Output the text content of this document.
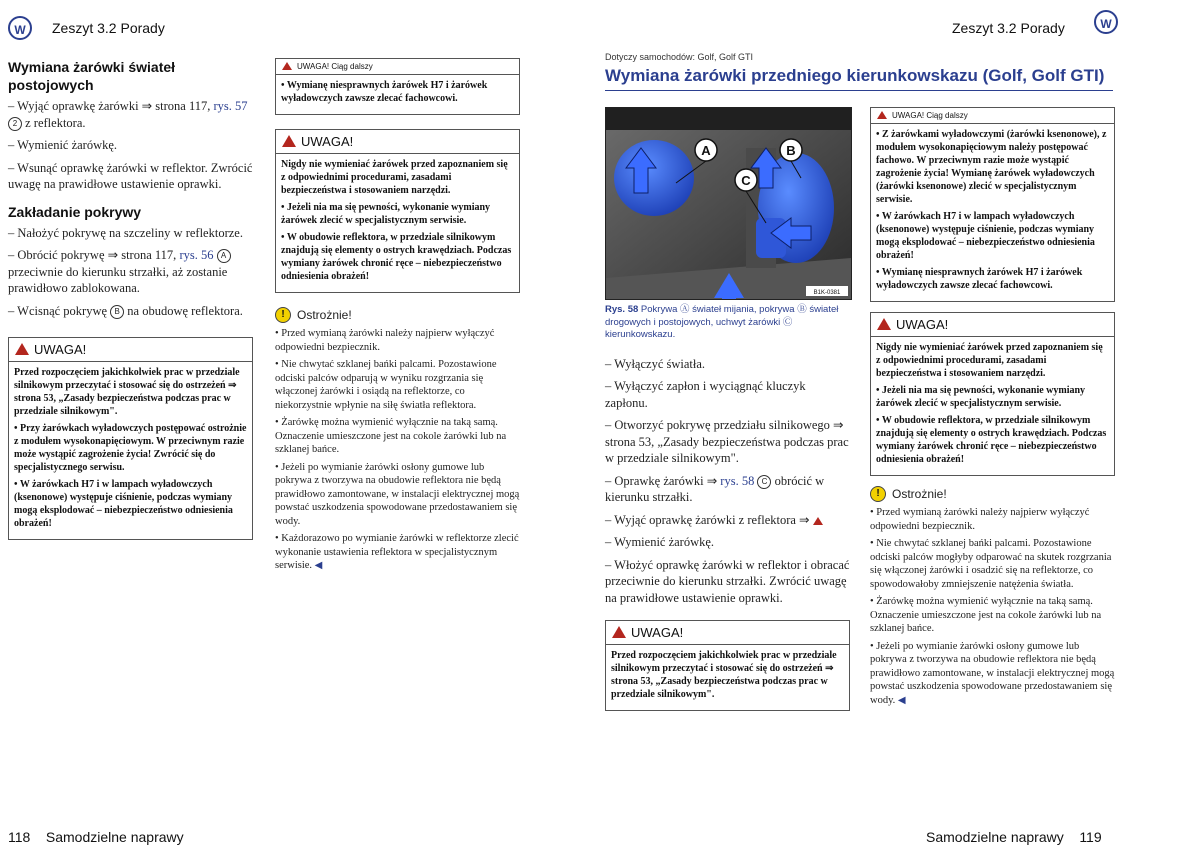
W	Zeszyt 3.2 Porady
Wymiana żarówki świateł postojowych

– Wyjąć oprawkę żarówki ⇒ strona 117, rys. 57 2 z reflektora.

– Wymienić żarówkę.

– Wsunąć oprawkę żarówki w reflektor. Zwrócić uwagę na prawidłowe ustawienie oprawki.

Zakładanie pokrywy

– Nałożyć pokrywę na szczeliny w reflektorze.

– Obrócić pokrywę ⇒ strona 117, rys. 56 A przeciwnie do kierunku strzałki, aż zostanie prawidłowo zablokowana.

– Wcisnąć pokrywę B na obudowę reflektora.

UWAGA!

Przed rozpoczęciem jakichkolwiek prac w przedziale silnikowym przeczytać i stosować się do ostrzeżeń ⇒ strona 53, „Zasady bezpieczeństwa podczas prac w przedziale silnikowym".

• Przy żarówkach wyładowczych postępować ostrożnie z modułem wysokonapięciowym. W przeciwnym razie może wystąpić zagrożenie życia! Zwrócić się do specjalistycznego serwisu.

• W żarówkach H7 i w lampach wyładowczych (ksenonowe) występuje ciśnienie, podczas wymiany mogą eksplodować – niebezpieczeństwo odniesienia obrażeń!

UWAGA! Ciąg dalszy

• Wymianę niesprawnych żarówek H7 i żarówek wyładowczych zawsze zlecać fachowcowi.

UWAGA!

Nigdy nie wymieniać żarówek przed zapoznaniem się z odpowiednimi procedurami, zasadami bezpieczeństwa i stosowaniem narzędzi.

• Jeżeli nia ma się pewności, wykonanie wymiany żarówek zlecić w specjalistycznym serwisie.

• W obudowie reflektora, w przedziale silnikowym znajdują się elementy o ostrych krawędziach. Podczas wymiany żarówek chronić ręce – niebezpieczeństwo odniesienia obrażeń!

!	Ostrożnie!

• Przed wymianą żarówki należy najpierw wyłączyć odpowiedni bezpiecznik.

• Nie chwytać szklanej bańki palcami. Pozostawione odciski palców odparują w wyniku rozgrzania się włączonej żarówki i osiądą na reflektorze, co niekorzystnie wpłynie na siłę światła reflektora.

• Żarówkę można wymienić wyłącznie na taką samą. Oznaczenie umieszczone jest na cokole żarówki lub na szklanej bańce.

• Jeżeli po wymianie żarówki osłony gumowe lub pokrywa z tworzywa na obudowie reflektora nie będą prawidłowo zamontowane, w instalacji elektrycznej mogą powstać uszkodzenia spowodowane przedostawaniem się wody.

• Każdorazowo po wymianie żarówki w reflektorze zlecić wykonanie ustawienia reflektora w specjalistycznym serwisie. ◀

118 Samodzielne naprawy
Zeszyt 3.2 Porady	W
Dotyczy samochodów: Golf, Golf GTI
Wymiana żarówki przedniego kierunkowskazu (Golf, Golf GTI)
Rys. 58 Pokrywa Ⓐ świateł mijania, pokrywa Ⓑ świateł drogowych i postojowych, uchwyt żarówki Ⓒ kierunkowskazu.

– Wyłączyć światła.

– Wyłączyć zapłon i wyciągnąć kluczyk zapłonu.

– Otworzyć pokrywę przedziału silnikowego ⇒ strona 53, „Zasady bezpieczeństwa podczas prac w przedziale silnikowym".

– Oprawkę żarówki ⇒ rys. 58 C obrócić w kierunku strzałki.

– Wyjąć oprawkę żarówki z reflektora ⇒

– Wymienić żarówkę.

– Włożyć oprawkę żarówki w reflektor i obracać przeciwnie do kierunku strzałki. Zwrócić uwagę na prawidłowe ustawienie oprawki.

UWAGA!

Przed rozpoczęciem jakichkolwiek prac w przedziale silnikowym przeczytać i stosować się do ostrzeżeń ⇒ strona 53, „Zasady bezpieczeństwa podczas prac w przedziale silnikowym".

UWAGA! Ciąg dalszy

• Z żarówkami wyładowczymi (żarówki ksenonowe), z modułem wysokonapięciowym należy postępować fachowo. W przeciwnym razie może wystąpić zagrożenie życia! Wymianę żarówek wyładowczych (żarówki ksenonowe) zlecić w specjalistycznym serwisie.

• W żarówkach H7 i w lampach wyładowczych (ksenonowe) występuje ciśnienie, podczas wymiany mogą eksplodować – niebezpieczeństwo odniesienia obrażeń!

• Wymianę niesprawnych żarówek H7 i żarówek wyładowczych zawsze zlecać fachowcowi.

UWAGA!

Nigdy nie wymieniać żarówek przed zapoznaniem się z odpowiednimi procedurami, zasadami bezpieczeństwa i stosowaniem narzędzi.

• Jeżeli nia ma się pewności, wykonanie wymiany żarówek zlecić w specjalistycznym serwisie.

• W obudowie reflektora, w przedziale silnikowym znajdują się elementy o ostrych krawędziach. Podczas wymiany żarówek chronić ręce – niebezpieczeństwo odniesienia obrażeń!

!	Ostrożnie!

• Przed wymianą żarówki należy najpierw wyłączyć odpowiedni bezpiecznik.

• Nie chwytać szklanej bańki palcami. Pozostawione odciski palców mogłyby odparować na skutek rozgrzania się włączonej żarówki i osadzić się na reflektorze, co spowodowałoby zmniejszenie natężenia światła.

• Żarówkę można wymienić wyłącznie na taką samą. Oznaczenie umieszczone jest na cokole żarówki lub na szklanej bańce.

• Jeżeli po wymianie żarówki osłony gumowe lub pokrywa z tworzywa na obudowie reflektora nie będą prawidłowo zamontowane, w instalacji elektrycznej mogą powstać uszkodzenia spowodowane przedostawaniem się wody. ◀

Samodzielne naprawy 119
A	B
C
B1K-0381
